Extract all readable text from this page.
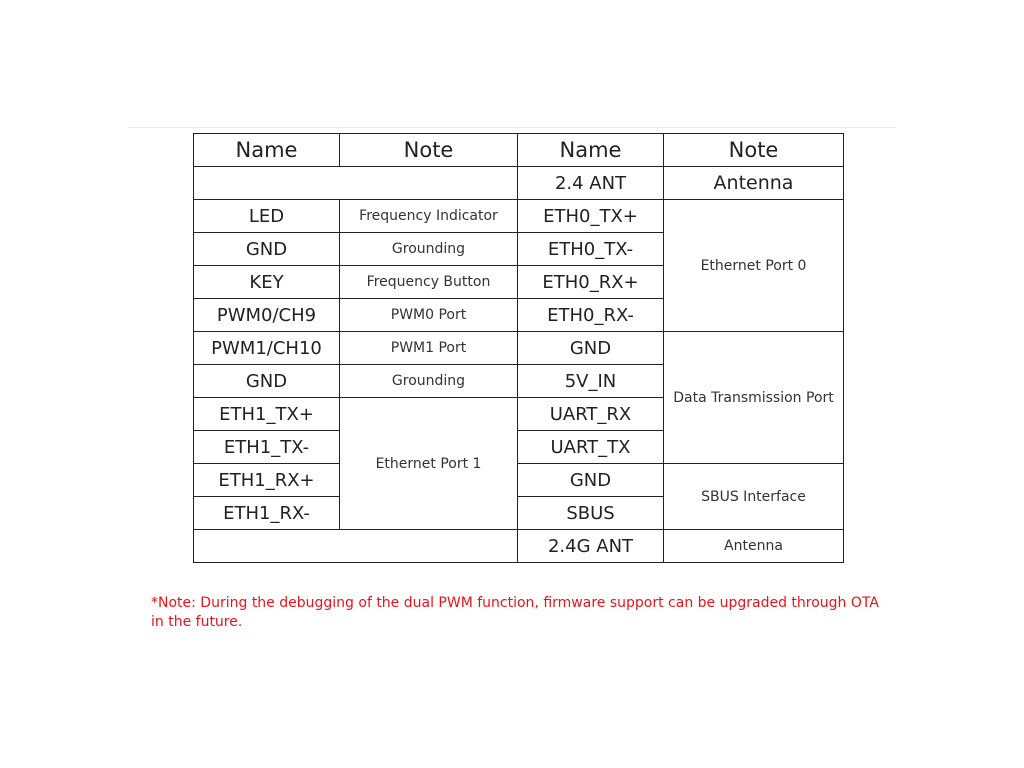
Name	Note	Name	Note
		2.4 ANT	Antenna
LED	Frequency Indicator	ETH0_TX+	Ethernet Port 0
GND	Grounding	ETH0_TX-	
KEY	Frequency Button	ETH0_RX+	
PWM0/CH9	PWM0 Port	ETH0_RX-	
PWM1/CH10	PWM1 Port	GND	Data Transmission Port
GND	Grounding	5V_IN	
ETH1_TX+	Ethernet Port 1	UART_RX	
ETH1_TX-		UART_TX	
ETH1_RX+		GND	SBUS Interface
ETH1_RX-		SBUS	
		2.4G ANT	Antenna
*Note: During the debugging of the dual PWM function, firmware support can be upgraded through OTA in the future.
